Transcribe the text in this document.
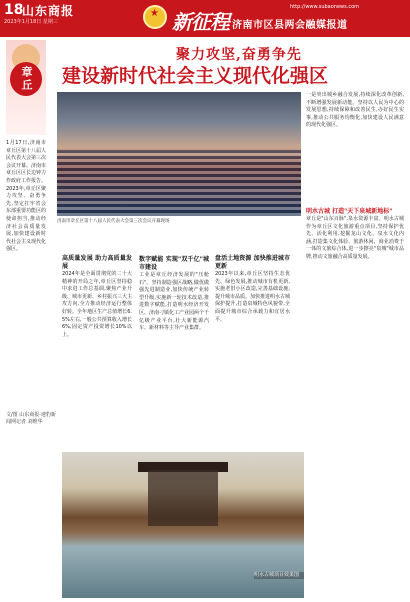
18
山东商报
2023年1月18日 星期三
http://www.subaonews.com
★ 新征程 济南市区县两会融媒报道
章丘
聚力攻坚,奋勇争先
建设新时代社会主义现代化强区
济南市章丘区第十八届人民代表大会第三次会议开幕现场
1月17日,济南市章丘区第十八届人民代表大会第三次会议开幕。济南市章丘区区长边钟力作政府工作报告。2023年,章丘区聚力攻坚、奋勇争先,坚定扛牢省会东部重要功能区的使命担当,推动经济社会高质量发展,加快建设新时代社会主义现代化强区。
文/图 山东商报·速豹新闻网记者 刘维华
高质量发展 助力高质量发展
2024年是全面贯彻党的二十大精神的开局之年,章丘区坚持稳中求进工作总基调,聚焦产业升级、城市更新、乡村振兴三大主攻方向,全力推动经济运行整体好转。全年地区生产总值增长6.5%左右,一般公共预算收入增长6%,固定资产投资增长10%以上。
数字赋能 实现"双千亿"城市建设
工业是章丘经济发展的"压舱石"。坚持制造强区战略,做优做强先进制造业,加快传统产业转型升级,实施新一轮技术改造,推进数字赋能,打造明水经济开发区、济南刁镇化工产业园两个千亿级产业平台,壮大新能源汽车、新材料等主导产业集群。
盘活土地资源 加快推进城市更新
2023年以来,章丘区坚持生态优先、绿色发展,推动城市有机更新,实施老旧小区改造,完善基础设施,提升城市品质。加快推进明水古城保护提升,打造泉城特色风貌带,全面提升城市综合承载力和宜居水平。
一是突出城乡融合发展,持续深化改革创新,不断增强发展新动能。坚持以人民为中心的发展思想,持续保障和改善民生,办好民生实事,推动公共服务均衡化,加快建设人民满意的现代化强区。
明水古城 打造"天下泉城新地标"
章丘是"山东百脉",泉水资源丰富。明水古城作为章丘区文化旅游重点项目,坚持保护优先、活化利用,挖掘龙山文化、泉水文化内涵,打造集文化体验、旅游休闲、商业消费于一体的文旅综合体,进一步擦亮"泉城"城市品牌,推动文旅融合高质量发展。
明水古城项目效果图
